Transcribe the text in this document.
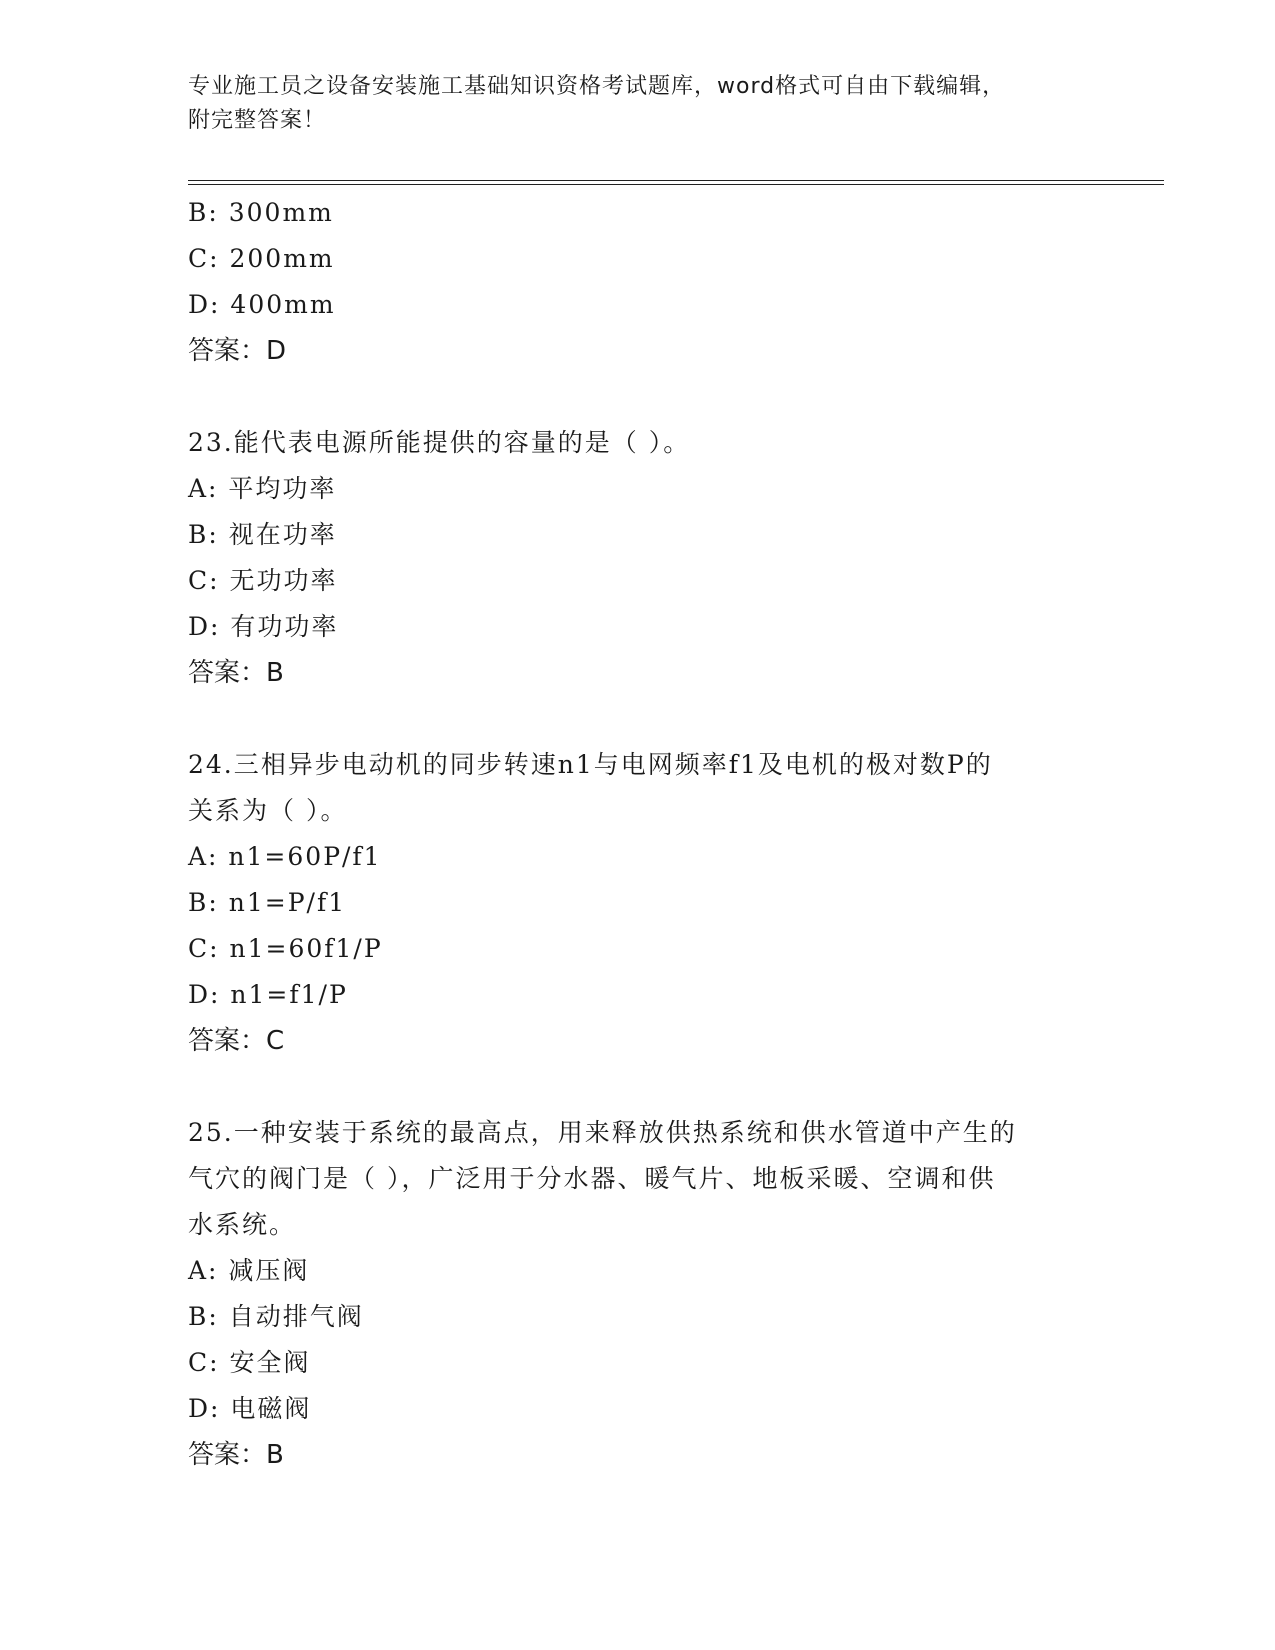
专业施工员之设备安装施工基础知识资格考试题库，word格式可自由下载编辑，
附完整答案！
B: 300mm
C: 200mm
D: 400mm
答案：D
23.能代表电源所能提供的容量的是（ ）。
A: 平均功率
B: 视在功率
C: 无功功率
D: 有功功率
答案：B
24.三相异步电动机的同步转速n1与电网频率f1及电机的极对数P的
关系为（ ）。
A: n1=60P/f1
B: n1=P/f1
C: n1=60f1/P
D: n1=f1/P
答案：C
25.一种安装于系统的最高点，用来释放供热系统和供水管道中产生的
气穴的阀门是（ ），广泛用于分水器、暖气片、地板采暖、空调和供
水系统。
A: 减压阀
B: 自动排气阀
C: 安全阀
D: 电磁阀
答案：B
